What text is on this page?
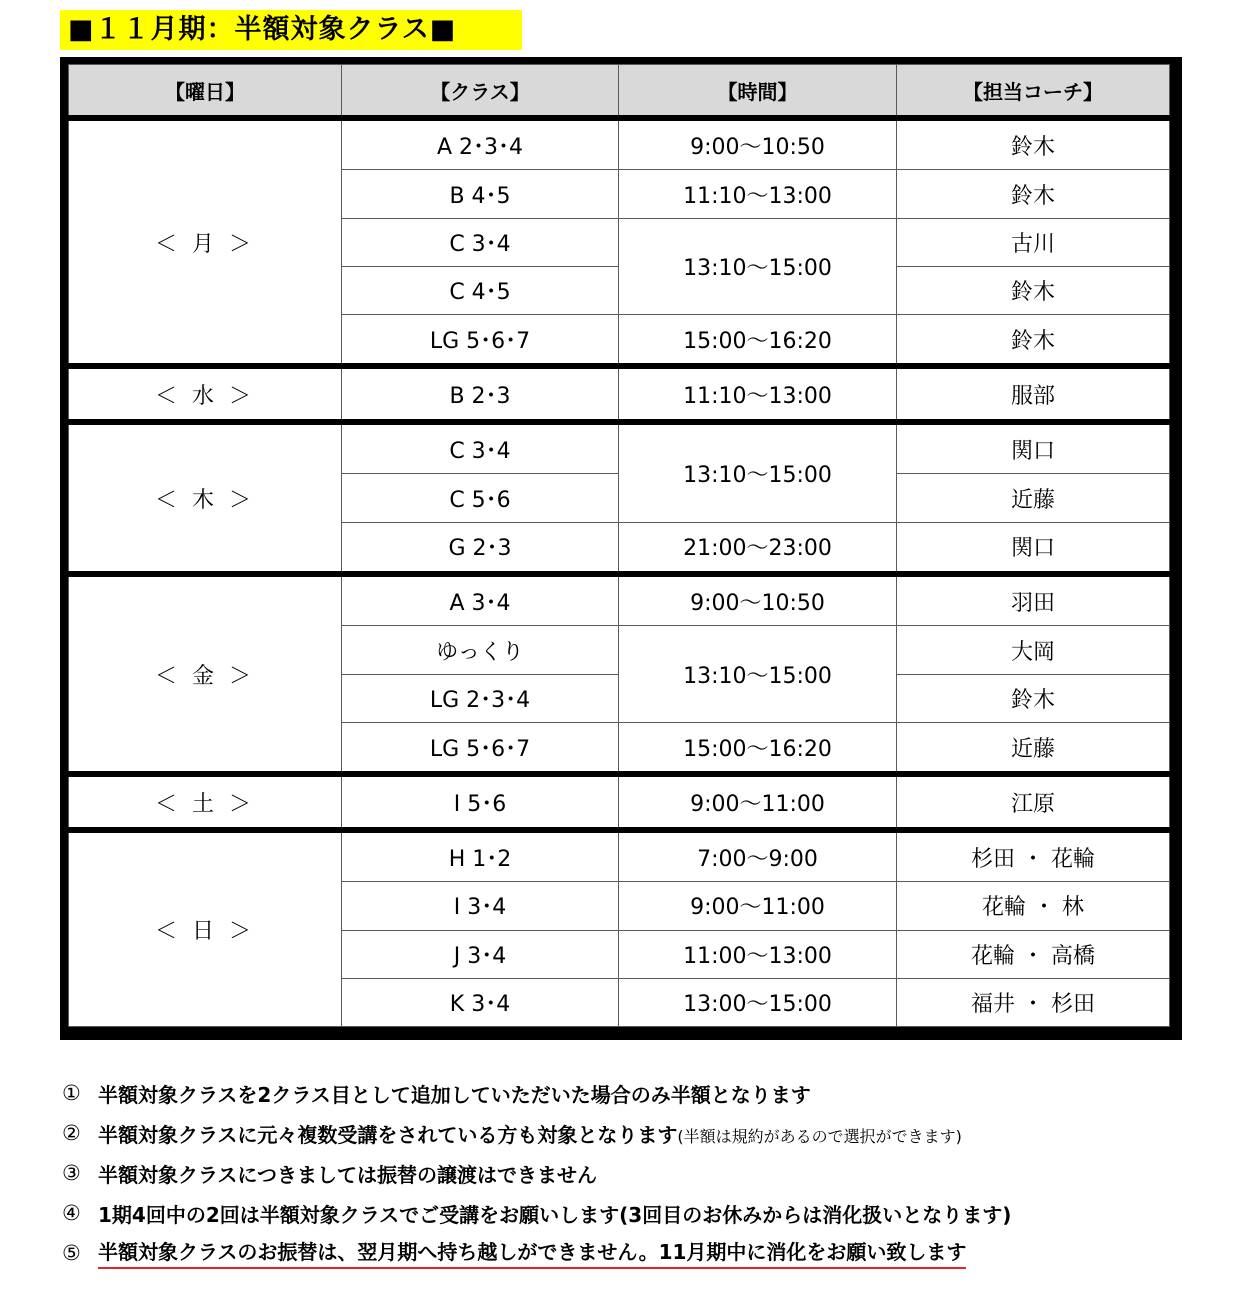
■１１月期：半額対象クラス■
【曜日】	【クラス】	【時間】	【担当コーチ】
＜ 月 ＞	A 2･3･4	9:00～10:50	鈴木
	B 4･5	11:10～13:00	鈴木
	C 3･4	13:10～15:00	古川
	C 4･5		鈴木
	LG 5･6･7	15:00～16:20	鈴木
＜ 水 ＞	B 2･3	11:10～13:00	服部
＜ 木 ＞	C 3･4	13:10～15:00	関口
	C 5･6		近藤
	G 2･3	21:00～23:00	関口
＜ 金 ＞	A 3･4	9:00～10:50	羽田
	ゆっくり	13:10～15:00	大岡
	LG 2･3･4		鈴木
	LG 5･6･7	15:00～16:20	近藤
＜ 土 ＞	I 5･6	9:00～11:00	江原
＜ 日 ＞	H 1･2	7:00～9:00	杉田 ・ 花輪
	I 3･4	9:00～11:00	花輪 ・ 林
	J 3･4	11:00～13:00	花輪 ・ 高橋
	K 3･4	13:00～15:00	福井 ・ 杉田
① 半額対象クラスを2クラス目として追加していただいた場合のみ半額となります
② 半額対象クラスに元々複数受講をされている方も対象となります(半額は規約があるので選択ができます)
③ 半額対象クラスにつきましては振替の譲渡はできません
④ 1期4回中の2回は半額対象クラスでご受講をお願いします(3回目のお休みからは消化扱いとなります)
⑤ 半額対象クラスのお振替は、翌月期へ持ち越しができません。11月期中に消化をお願い致します
